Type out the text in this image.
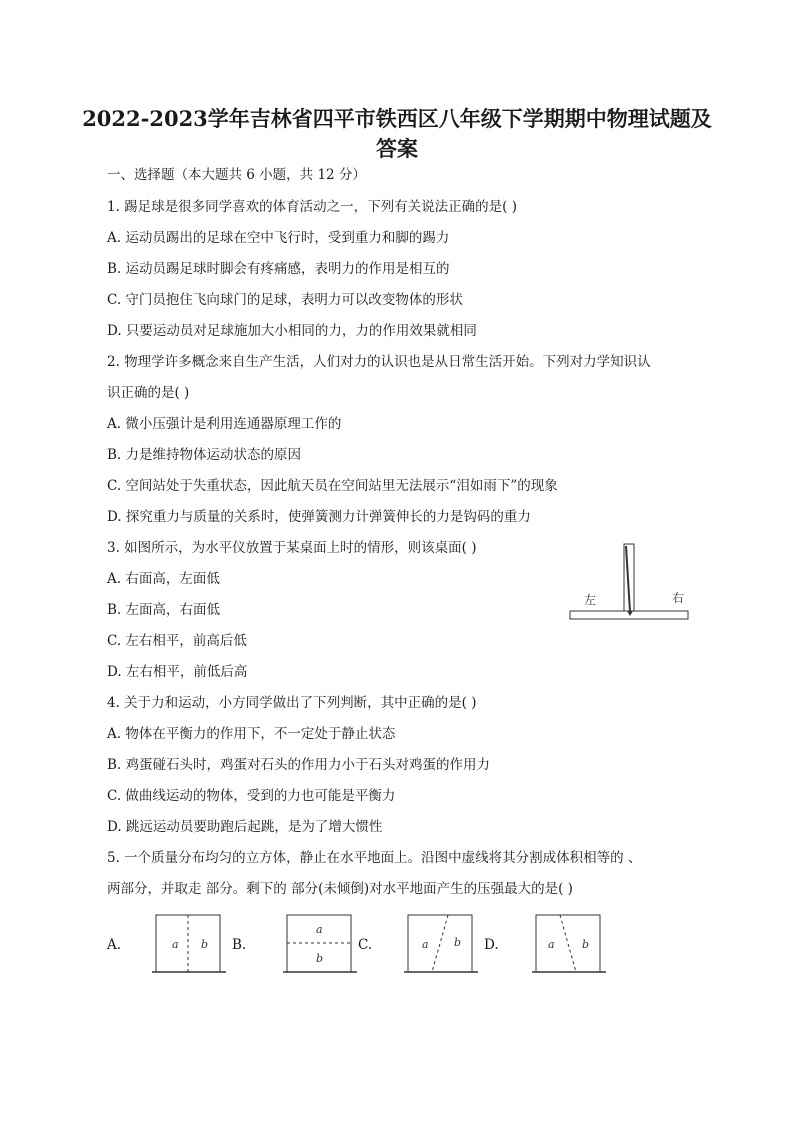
2022-2023学年吉林省四平市铁西区八年级下学期期中物理试题及
答案
一、选择题（本大题共 6 小题，共 12 分）
1. 踢足球是很多同学喜欢的体育活动之一，下列有关说法正确的是( )
A. 运动员踢出的足球在空中飞行时，受到重力和脚的踢力
B. 运动员踢足球时脚会有疼痛感，表明力的作用是相互的
C. 守门员抱住飞向球门的足球，表明力可以改变物体的形状
D. 只要运动员对足球施加大小相同的力，力的作用效果就相同
2. 物理学许多概念来自生产生活，人们对力的认识也是从日常生活开始。下列对力学知识认
识正确的是( )
A. 微小压强计是利用连通器原理工作的
B. 力是维持物体运动状态的原因
C. 空间站处于失重状态，因此航天员在空间站里无法展示“泪如雨下”的现象
D. 探究重力与质量的关系时，使弹簧测力计弹簧伸长的力是钩码的重力
3. 如图所示，为水平仪放置于某桌面上时的情形，则该桌面( )
A. 右面高，左面低
B. 左面高，右面低
C. 左右相平，前高后低
D. 左右相平，前低后高
左	右
4. 关于力和运动，小方同学做出了下列判断，其中正确的是( )
A. 物体在平衡力的作用下，不一定处于静止状态
B. 鸡蛋碰石头时，鸡蛋对石头的作用力小于石头对鸡蛋的作用力
C. 做曲线运动的物体，受到的力也可能是平衡力
D. 跳远运动员要助跑后起跳，是为了增大惯性
5. 一个质量分布均匀的立方体，静止在水平地面上。沿图中虚线将其分割成体积相等的 、
两部分，并取走 部分。剩下的 部分(未倾倒)对水平地面产生的压强最大的是( )
A.	a b B.
a
b
C.	a b D.	a b
